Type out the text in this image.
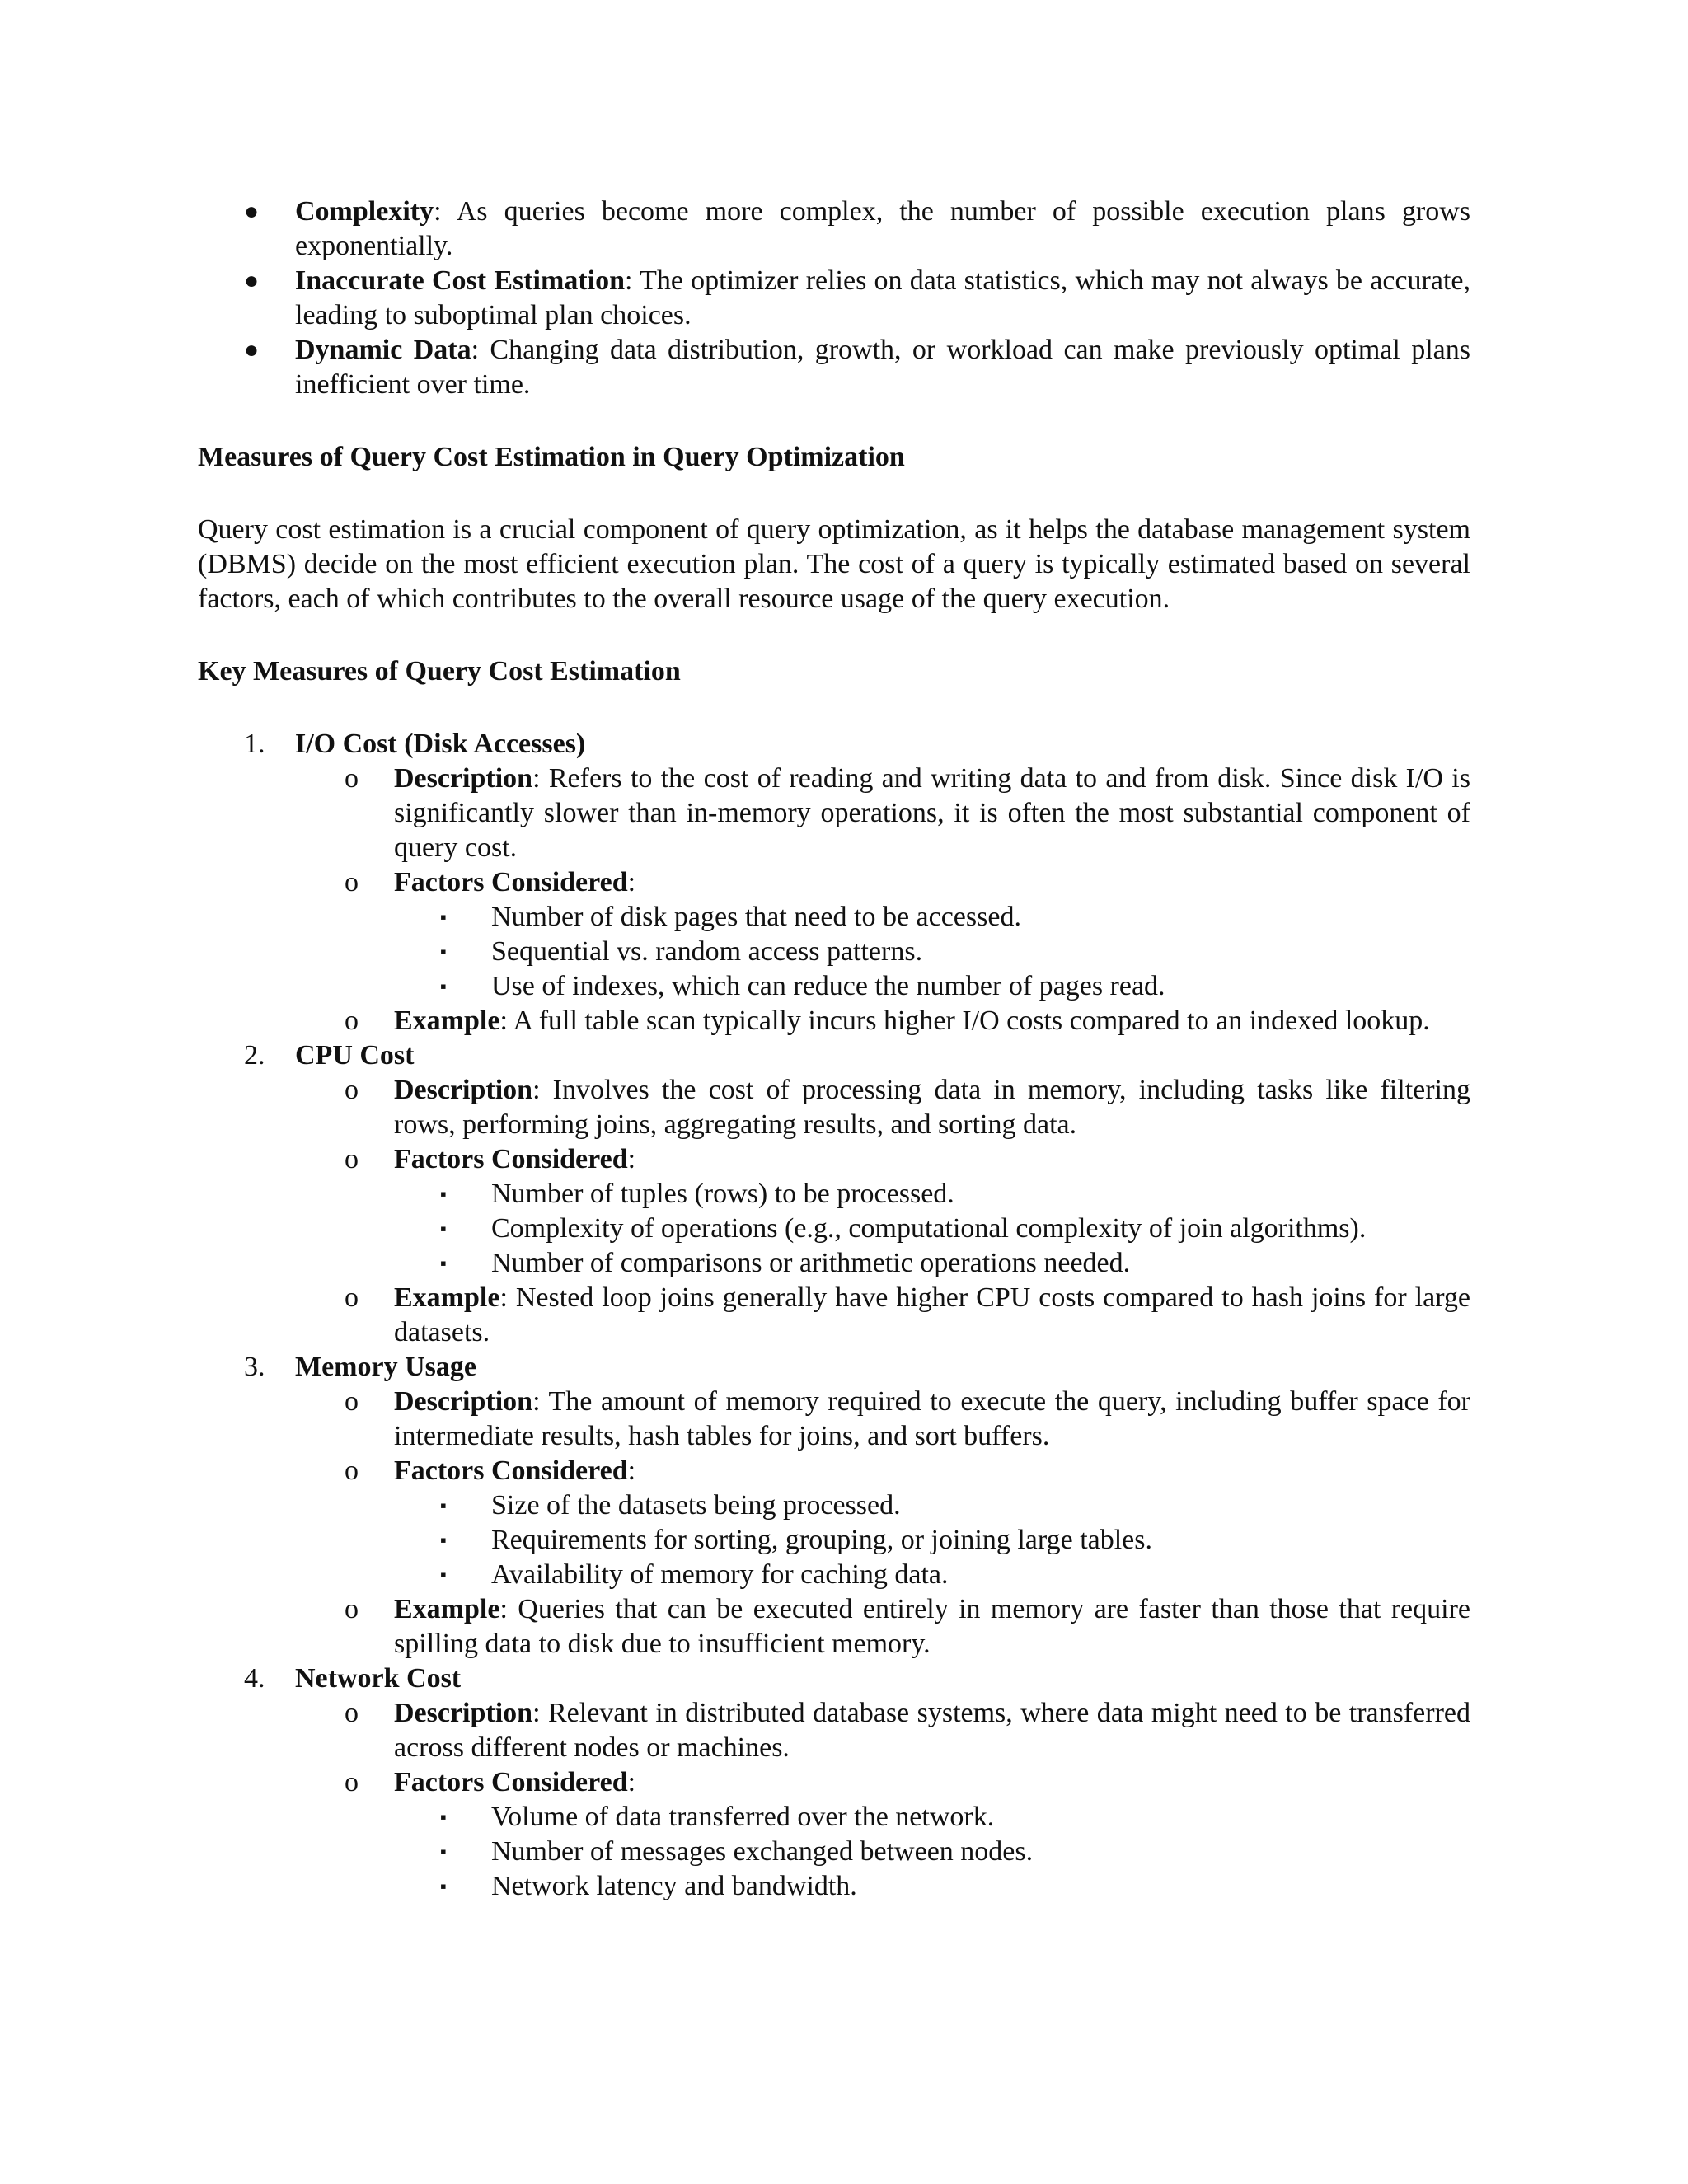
● Complexity: As queries become more complex, the number of possible execution plans grows exponentially.
● Inaccurate Cost Estimation: The optimizer relies on data statistics, which may not always be accurate, leading to suboptimal plan choices.
● Dynamic Data: Changing data distribution, growth, or workload can make previously optimal plans inefficient over time.
Measures of Query Cost Estimation in Query Optimization
Query cost estimation is a crucial component of query optimization, as it helps the database management system (DBMS) decide on the most efficient execution plan. The cost of a query is typically estimated based on several factors, each of which contributes to the overall resource usage of the query execution.
Key Measures of Query Cost Estimation
1. I/O Cost (Disk Accesses)
o Description: Refers to the cost of reading and writing data to and from disk. Since disk I/O is significantly slower than in-memory operations, it is often the most substantial component of query cost.
o Factors Considered:
▪ Number of disk pages that need to be accessed.
▪ Sequential vs. random access patterns.
▪ Use of indexes, which can reduce the number of pages read.
o Example: A full table scan typically incurs higher I/O costs compared to an indexed lookup.
2. CPU Cost
o Description: Involves the cost of processing data in memory, including tasks like filtering rows, performing joins, aggregating results, and sorting data.
o Factors Considered:
▪ Number of tuples (rows) to be processed.
▪ Complexity of operations (e.g., computational complexity of join algorithms).
▪ Number of comparisons or arithmetic operations needed.
o Example: Nested loop joins generally have higher CPU costs compared to hash joins for large datasets.
3. Memory Usage
o Description: The amount of memory required to execute the query, including buffer space for intermediate results, hash tables for joins, and sort buffers.
o Factors Considered:
▪ Size of the datasets being processed.
▪ Requirements for sorting, grouping, or joining large tables.
▪ Availability of memory for caching data.
o Example: Queries that can be executed entirely in memory are faster than those that require spilling data to disk due to insufficient memory.
4. Network Cost
o Description: Relevant in distributed database systems, where data might need to be transferred across different nodes or machines.
o Factors Considered:
▪ Volume of data transferred over the network.
▪ Number of messages exchanged between nodes.
▪ Network latency and bandwidth.
